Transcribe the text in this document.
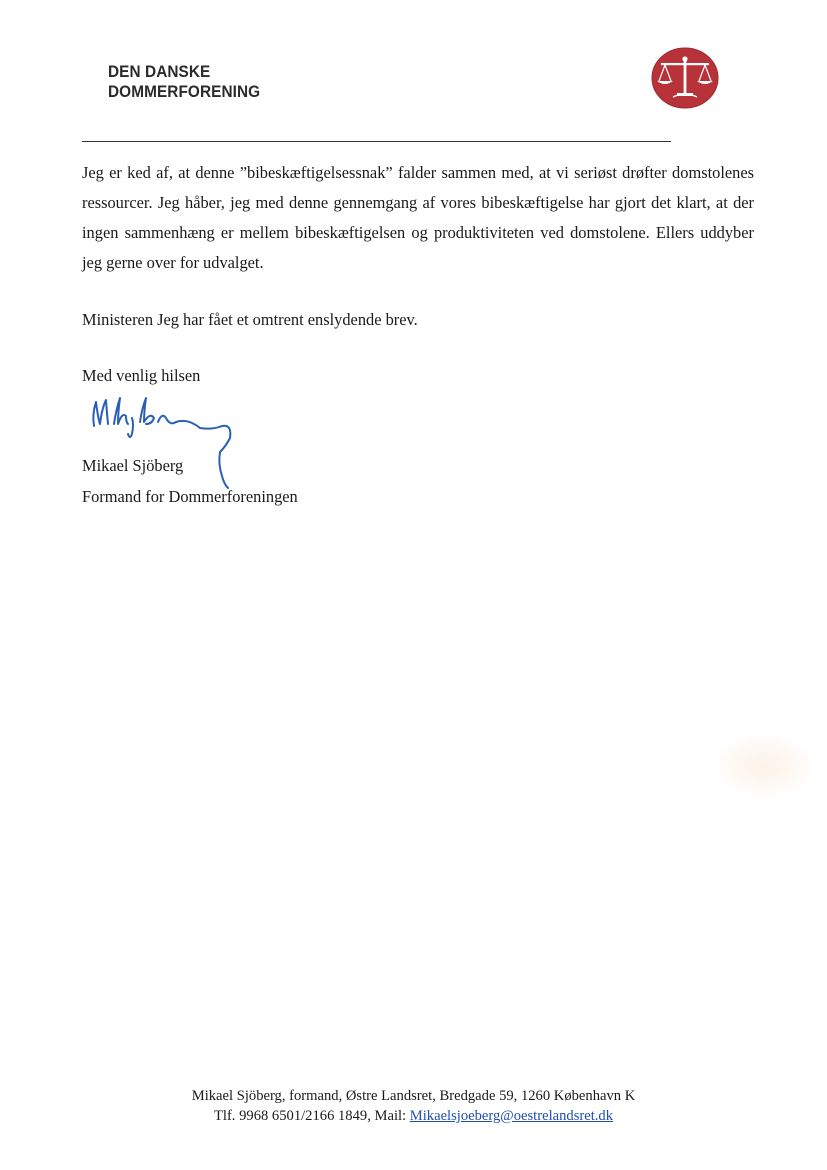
DEN DANSKE
DOMMERFORENING

Jeg er ked af, at denne ”bibeskæftigelsessnak” falder sammen med, at vi seriøst drøfter domstolenes ressourcer. Jeg håber, jeg med denne gennemgang af vores bibeskæftigelse har gjort det klart, at der ingen sammenhæng er mellem bibeskæftigelsen og produktiviteten ved domstolene. Ellers uddyber jeg gerne over for udvalget.

Ministeren Jeg har fået et omtrent enslydende brev.

Med venlig hilsen

Mikael Sjöberg

Formand for Dommerforeningen

Mikael Sjöberg, formand, Østre Landsret, Bredgade 59, 1260 København K
Tlf. 9968 6501/2166 1849, Mail: Mikaelsjoeberg@oestrelandsret.dk
